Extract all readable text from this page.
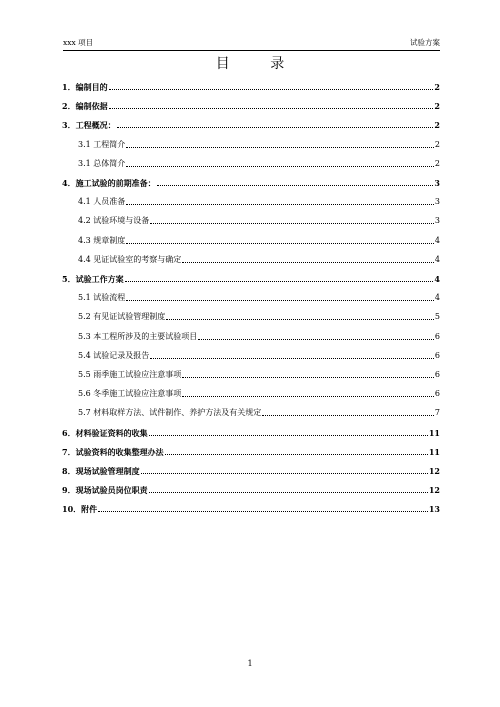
xxx 项目	试验方案
目 录
1．编制目的	2
2．编制依据	2
3．工程概况：	2
3.1 工程简介	2
3.1 总体简介	2
4．施工试验的前期准备：	3
4.1 人员准备	3
4.2 试验环境与设备	3
4.3 规章制度	4
4.4 见证试验室的考察与确定	4
5．试验工作方案	4
5.1 试验流程	4
5.2 有见证试验管理制度	5
5.3 本工程所涉及的主要试验项目	6
5.4 试验记录及报告	6
5.5 雨季施工试验应注意事项	6
5.6 冬季施工试验应注意事项	6
5.7 材料取样方法、试件制作、养护方法及有关规定	7
6．材料验证资料的收集	11
7．试验资料的收集整理办法	11
8．现场试验管理制度	12
9．现场试验员岗位职责	12
10．附件	13
1
